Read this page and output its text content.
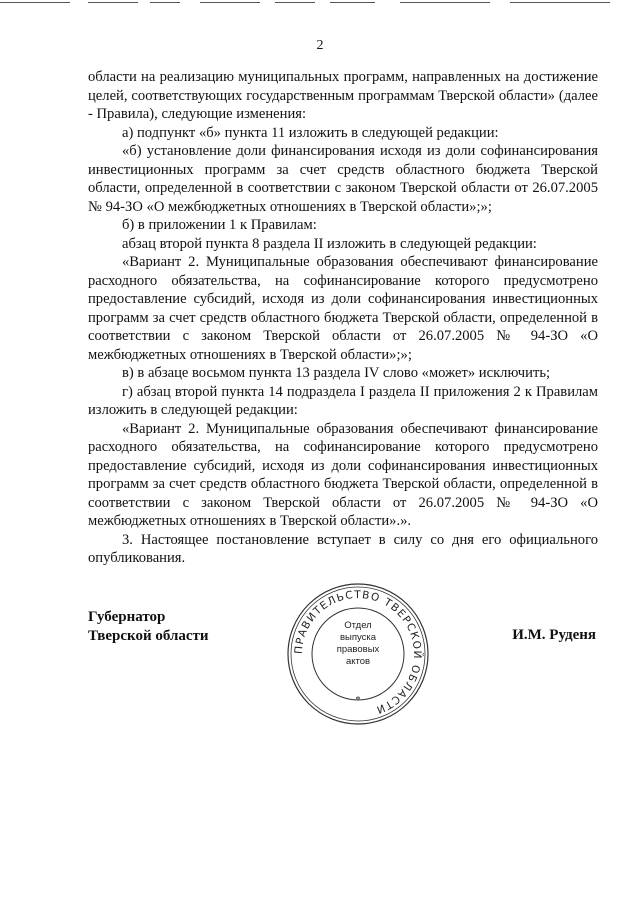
2

области на реализацию муниципальных программ, направленных на достижение целей, соответствующих государственным программам Тверской области» (далее - Правила), следующие изменения:

а) подпункт «б» пункта 11 изложить в следующей редакции:

«б) установление доли финансирования исходя из доли софинансирования инвестиционных программ за счет средств областного бюджета Тверской области, определенной в соответствии с законом Тверской области от 26.07.2005 № 94-ЗО «О межбюджетных отношениях в Тверской области»;»;

б) в приложении 1 к Правилам:

абзац второй пункта 8 раздела II изложить в следующей редакции:

«Вариант 2. Муниципальные образования обеспечивают финансирование расходного обязательства, на софинансирование которого предусмотрено предоставление субсидий, исходя из доли софинансирования инвестиционных программ за счет средств областного бюджета Тверской области, определенной в соответствии с законом Тверской области от 26.07.2005 № 94-ЗО «О межбюджетных отношениях в Тверской области»;»;

в) в абзаце восьмом пункта 13 раздела IV слово «может» исключить;

г) абзац второй пункта 14 подраздела I раздела II приложения 2 к Правилам изложить в следующей редакции:

«Вариант 2. Муниципальные образования обеспечивают финансирование расходного обязательства, на софинансирование которого предусмотрено предоставление субсидий, исходя из доли софинансирования инвестиционных программ за счет средств областного бюджета Тверской области, определенной в соответствии с законом Тверской области от 26.07.2005 № 94-ЗО «О межбюджетных отношениях в Тверской области».».

3. Настоящее постановление вступает в силу со дня его официального опубликования.

Губернатор
Тверской области
ПРАВИТЕЛЬСТВО ТВЕРСКОЙ ОБЛАСТИ
Отдел
выпуска
правовых
актов
*
И.М. Руденя
